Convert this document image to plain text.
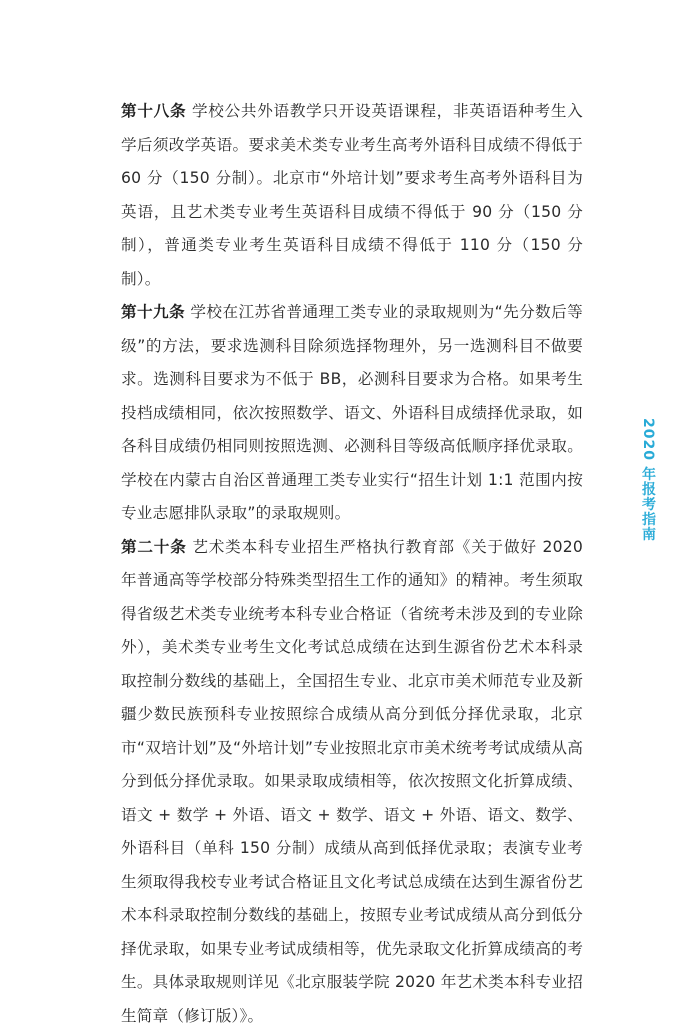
第十八条 学校公共外语教学只开设英语课程，非英语语种考生入学后须改学英语。要求美术类专业考生高考外语科目成绩不得低于 60 分（150 分制）。北京市“外培计划”要求考生高考外语科目为英语，且艺术类专业考生英语科目成绩不得低于 90 分（150 分制），普通类专业考生英语科目成绩不得低于 110 分（150 分制）。

第十九条 学校在江苏省普通理工类专业的录取规则为“先分数后等级”的方法，要求选测科目除须选择物理外，另一选测科目不做要求。选测科目要求为不低于 BB，必测科目要求为合格。如果考生投档成绩相同，依次按照数学、语文、外语科目成绩择优录取，如各科目成绩仍相同则按照选测、必测科目等级高低顺序择优录取。学校在内蒙古自治区普通理工类专业实行“招生计划 1:1 范围内按专业志愿排队录取”的录取规则。

第二十条 艺术类本科专业招生严格执行教育部《关于做好 2020 年普通高等学校部分特殊类型招生工作的通知》的精神。考生须取得省级艺术类专业统考本科专业合格证（省统考未涉及到的专业除外），美术类专业考生文化考试总成绩在达到生源省份艺术本科录取控制分数线的基础上，全国招生专业、北京市美术师范专业及新疆少数民族预科专业按照综合成绩从高分到低分择优录取，北京市“双培计划”及“外培计划”专业按照北京市美术统考考试成绩从高分到低分择优录取。如果录取成绩相等，依次按照文化折算成绩、语文 + 数学 + 外语、语文 + 数学、语文 + 外语、语文、数学、外语科目（单科 150 分制）成绩从高到低择优录取；表演专业考生须取得我校专业考试合格证且文化考试总成绩在达到生源省份艺术本科录取控制分数线的基础上，按照专业考试成绩从高分到低分择优录取，如果专业考试成绩相等，优先录取文化折算成绩高的考生。具体录取规则详见《北京服装学院 2020 年艺术类本科专业招生简章（修订版）》。

2020 年报考指南
